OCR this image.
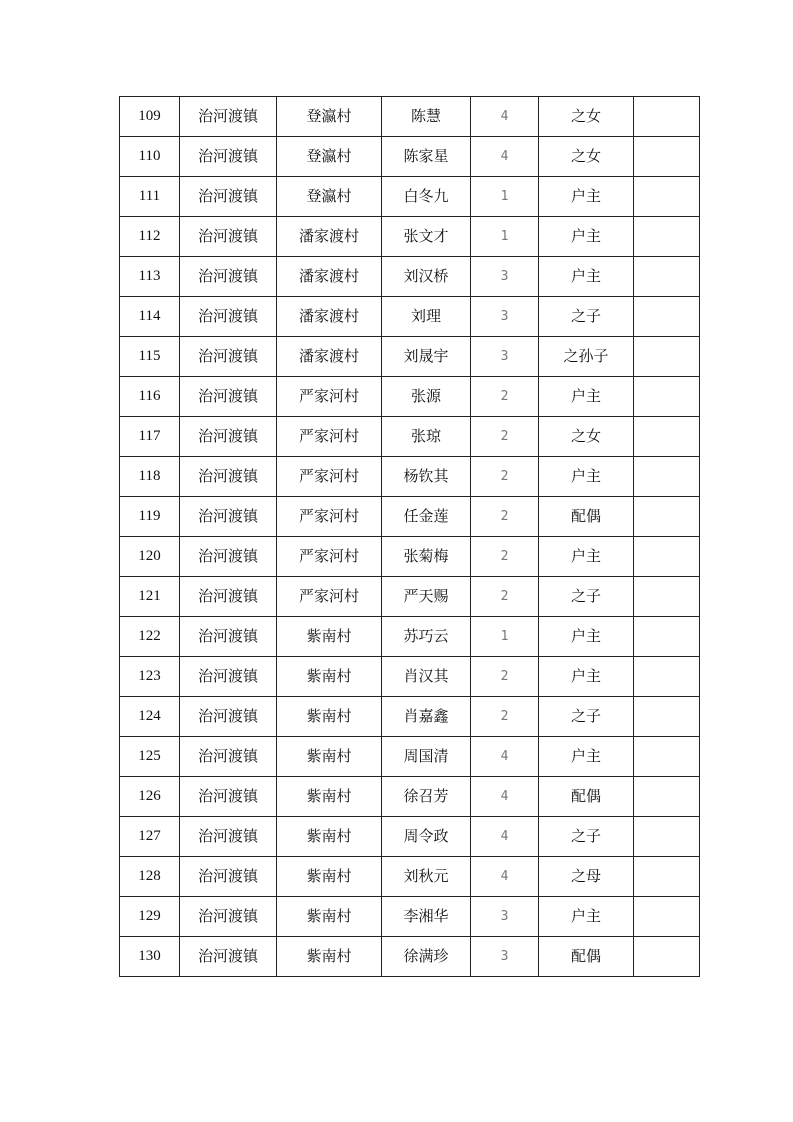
109	治河渡镇	登瀛村	陈慧	4	之女	
110	治河渡镇	登瀛村	陈家星	4	之女	
111	治河渡镇	登瀛村	白冬九	1	户主	
112	治河渡镇	潘家渡村	张文才	1	户主	
113	治河渡镇	潘家渡村	刘汉桥	3	户主	
114	治河渡镇	潘家渡村	刘理	3	之子	
115	治河渡镇	潘家渡村	刘晟宇	3	之孙子	
116	治河渡镇	严家河村	张源	2	户主	
117	治河渡镇	严家河村	张琼	2	之女	
118	治河渡镇	严家河村	杨钦其	2	户主	
119	治河渡镇	严家河村	任金莲	2	配偶	
120	治河渡镇	严家河村	张菊梅	2	户主	
121	治河渡镇	严家河村	严天赐	2	之子	
122	治河渡镇	紫南村	苏巧云	1	户主	
123	治河渡镇	紫南村	肖汉其	2	户主	
124	治河渡镇	紫南村	肖嘉鑫	2	之子	
125	治河渡镇	紫南村	周国清	4	户主	
126	治河渡镇	紫南村	徐召芳	4	配偶	
127	治河渡镇	紫南村	周令政	4	之子	
128	治河渡镇	紫南村	刘秋元	4	之母	
129	治河渡镇	紫南村	李湘华	3	户主	
130	治河渡镇	紫南村	徐满珍	3	配偶	
